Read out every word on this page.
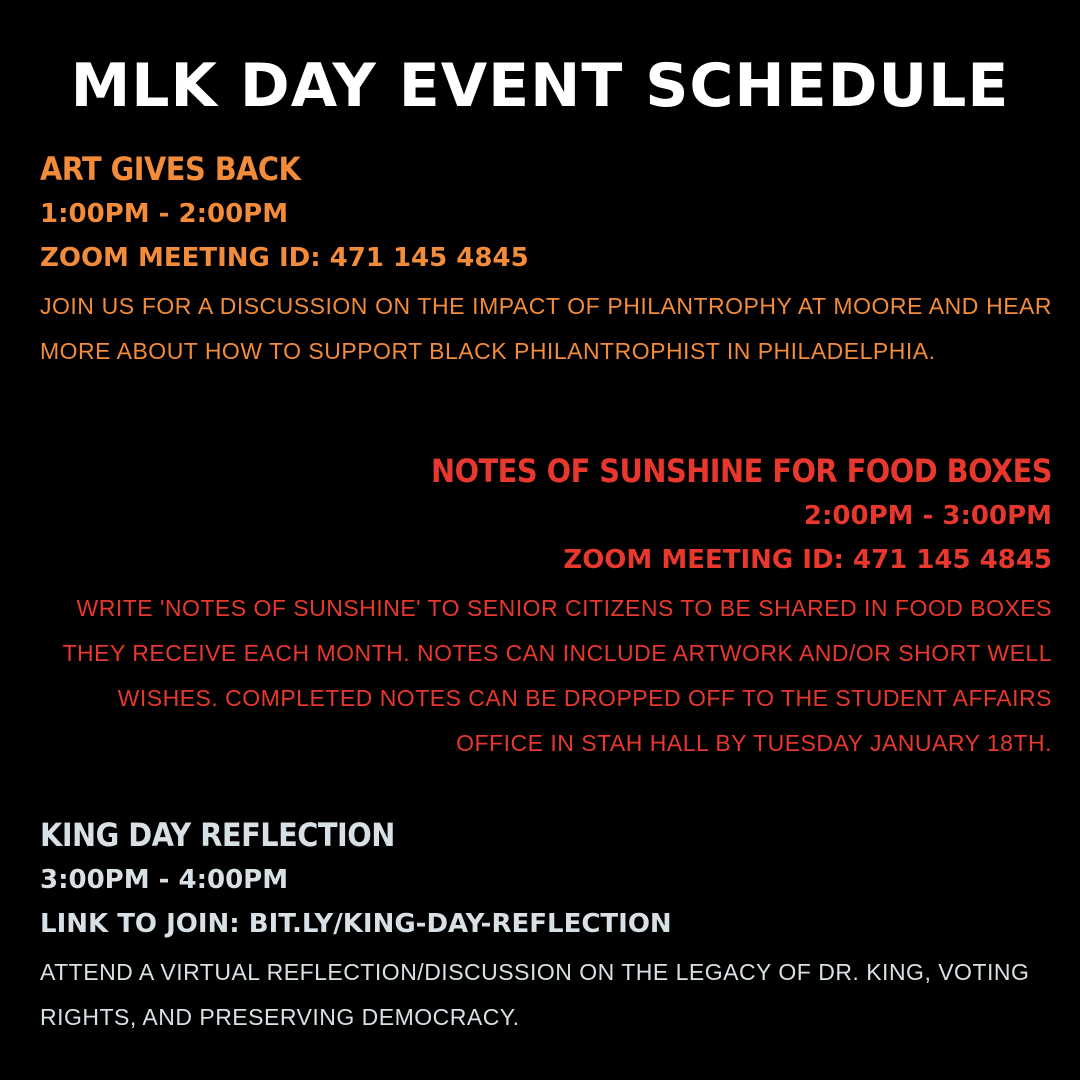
MLK DAY EVENT SCHEDULE
ART GIVES BACK
1:00PM - 2:00PM
ZOOM MEETING ID: 471 145 4845

JOIN US FOR A DISCUSSION ON THE IMPACT OF PHILANTROPHY AT MOORE AND HEAR MORE ABOUT HOW TO SUPPORT BLACK PHILANTROPHIST IN PHILADELPHIA.

NOTES OF SUNSHINE FOR FOOD BOXES
2:00PM - 3:00PM
ZOOM MEETING ID: 471 145 4845

WRITE 'NOTES OF SUNSHINE' TO SENIOR CITIZENS TO BE SHARED IN FOOD BOXES THEY RECEIVE EACH MONTH. NOTES CAN INCLUDE ARTWORK AND/OR SHORT WELL WISHES. COMPLETED NOTES CAN BE DROPPED OFF TO THE STUDENT AFFAIRS OFFICE IN STAH HALL BY TUESDAY JANUARY 18TH.

KING DAY REFLECTION
3:00PM - 4:00PM
LINK TO JOIN: BIT.LY/KING-DAY-REFLECTION

ATTEND A VIRTUAL REFLECTION/DISCUSSION ON THE LEGACY OF DR. KING, VOTING RIGHTS, AND PRESERVING DEMOCRACY.
